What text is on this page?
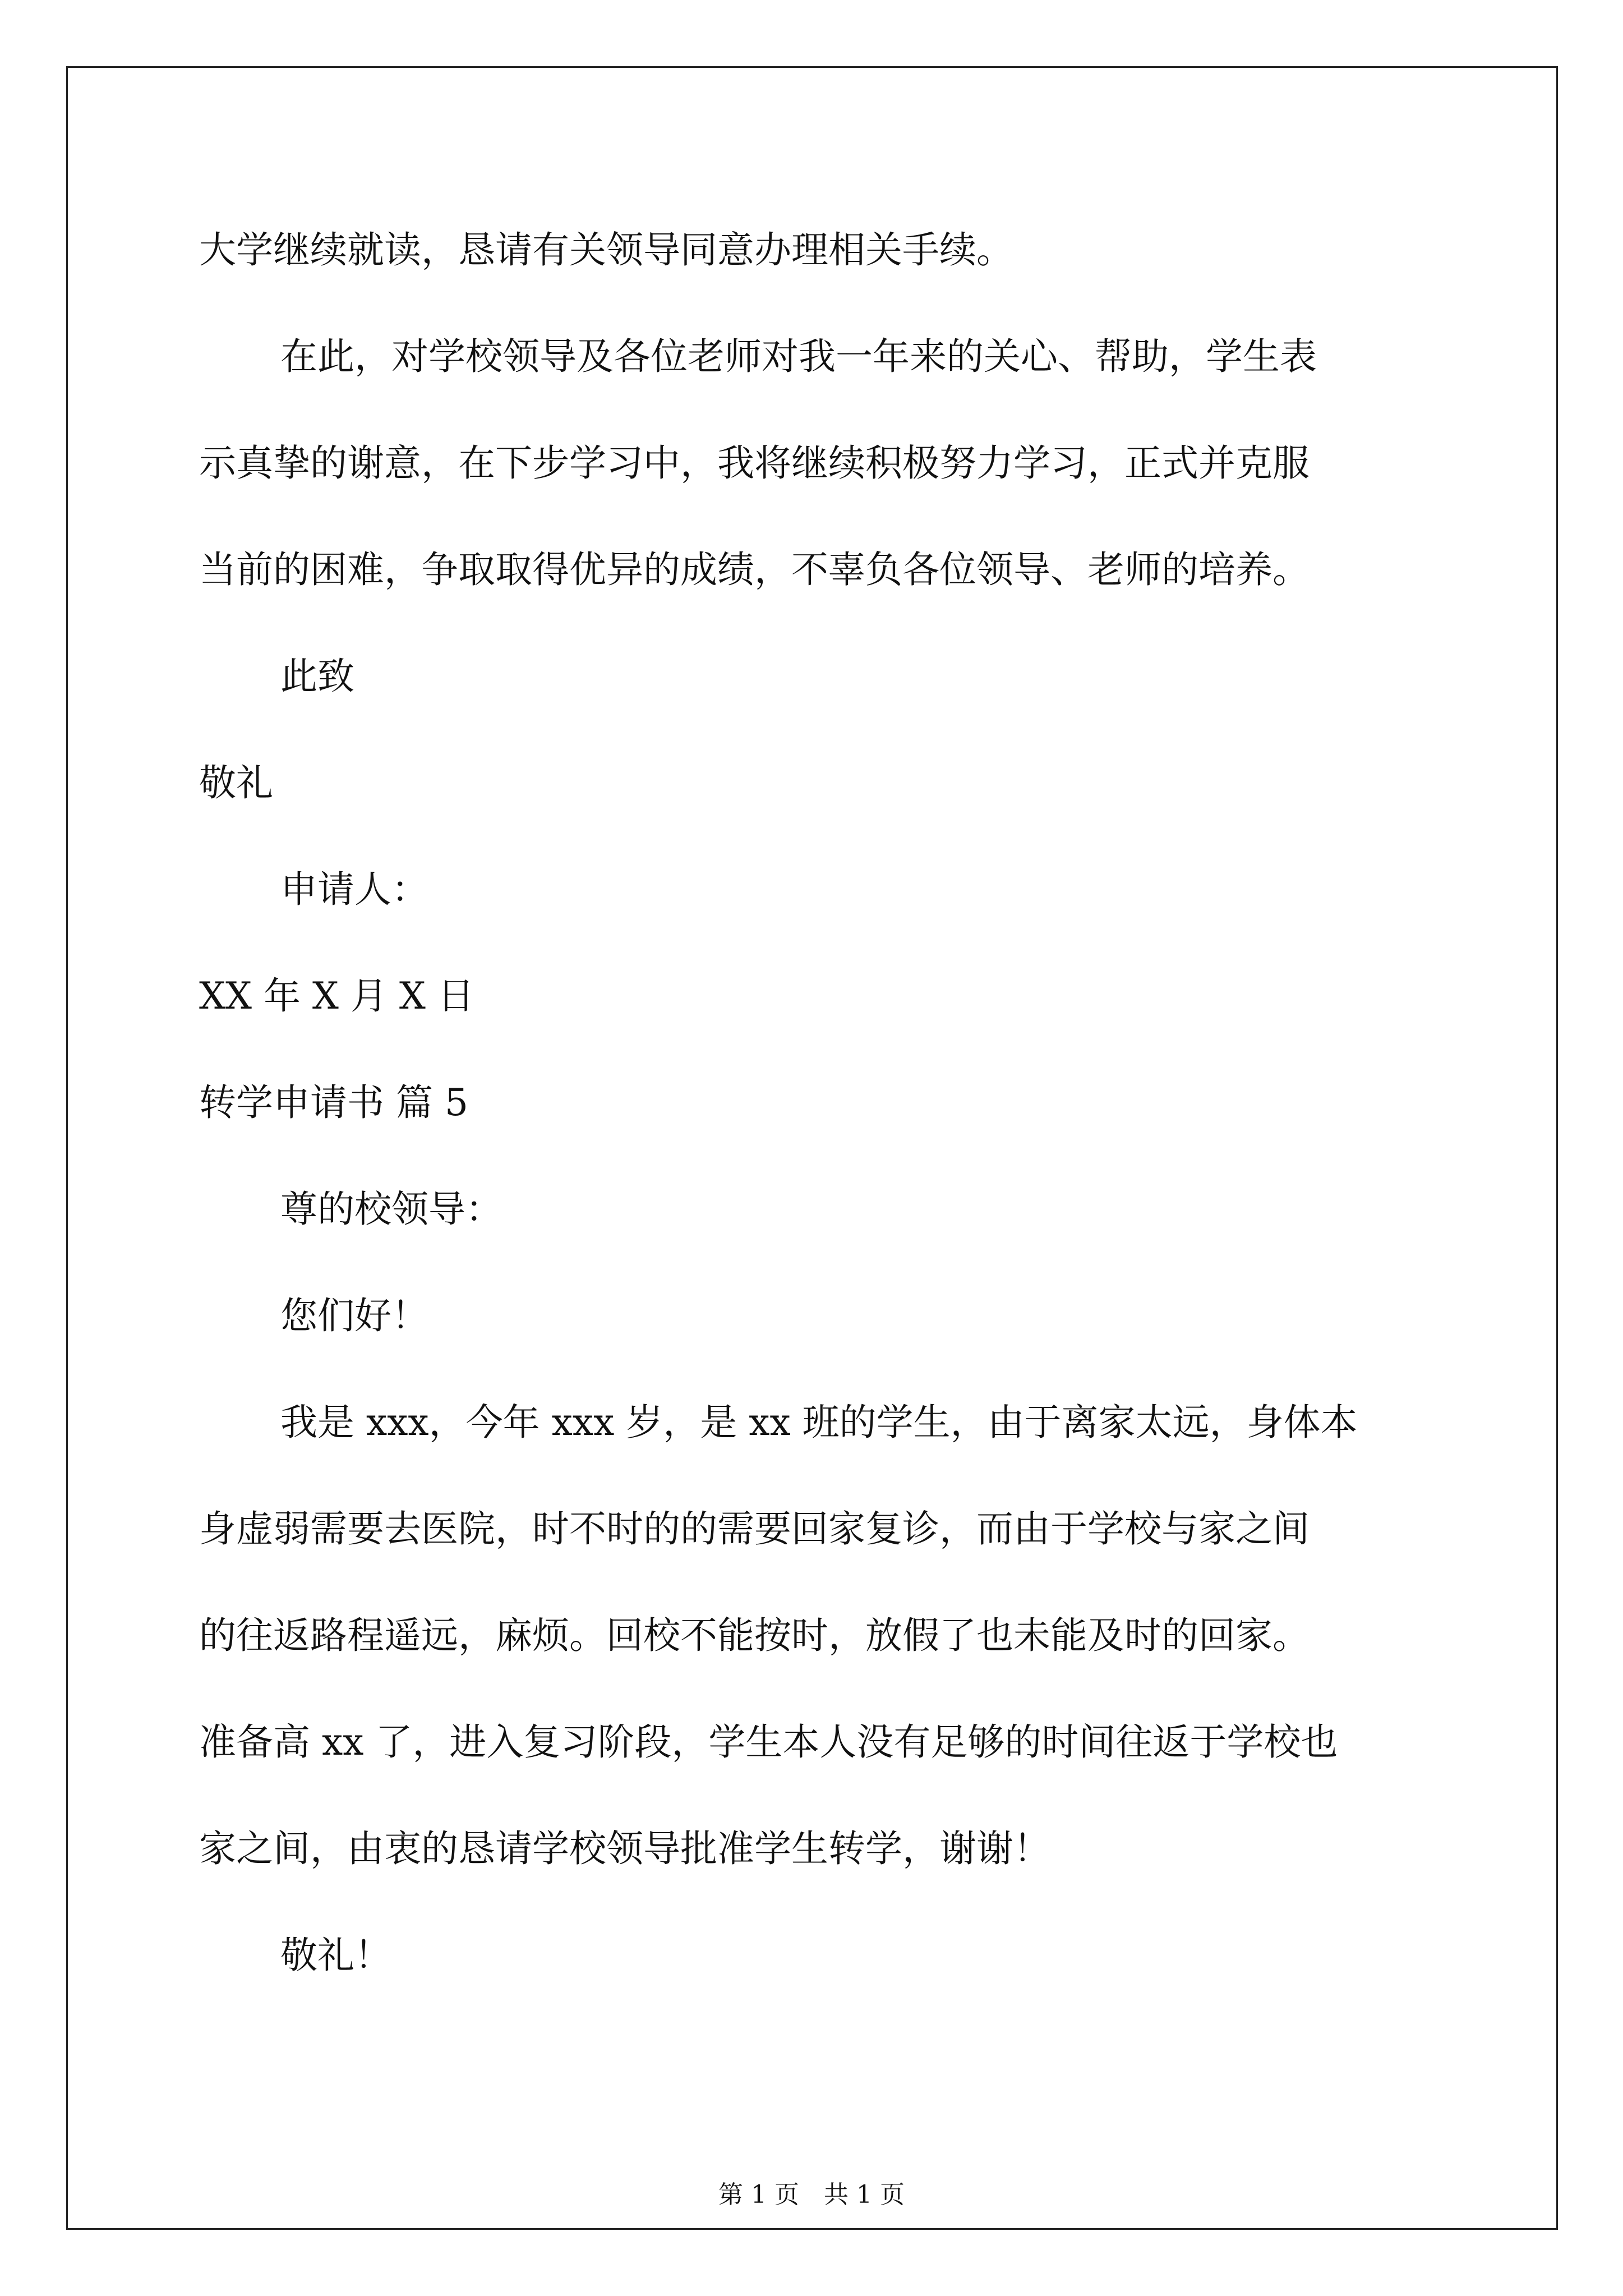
大学继续就读，恳请有关领导同意办理相关手续。

在此，对学校领导及各位老师对我一年来的关心、帮助，学生表

示真挚的谢意，在下步学习中，我将继续积极努力学习，正式并克服

当前的困难，争取取得优异的成绩，不辜负各位领导、老师的培养。

此致

敬礼

申请人：

XX 年 X 月 X 日

转学申请书 篇 5

尊的校领导：

您们好！

我是 xxx，今年 xxx 岁，是 xx 班的学生，由于离家太远，身体本

身虚弱需要去医院，时不时的的需要回家复诊，而由于学校与家之间

的往返路程遥远，麻烦。回校不能按时，放假了也未能及时的回家。

准备高 xx 了，进入复习阶段，学生本人没有足够的时间往返于学校也

家之间，由衷的恳请学校领导批准学生转学，谢谢！

敬礼！

第 1 页　共 1 页
